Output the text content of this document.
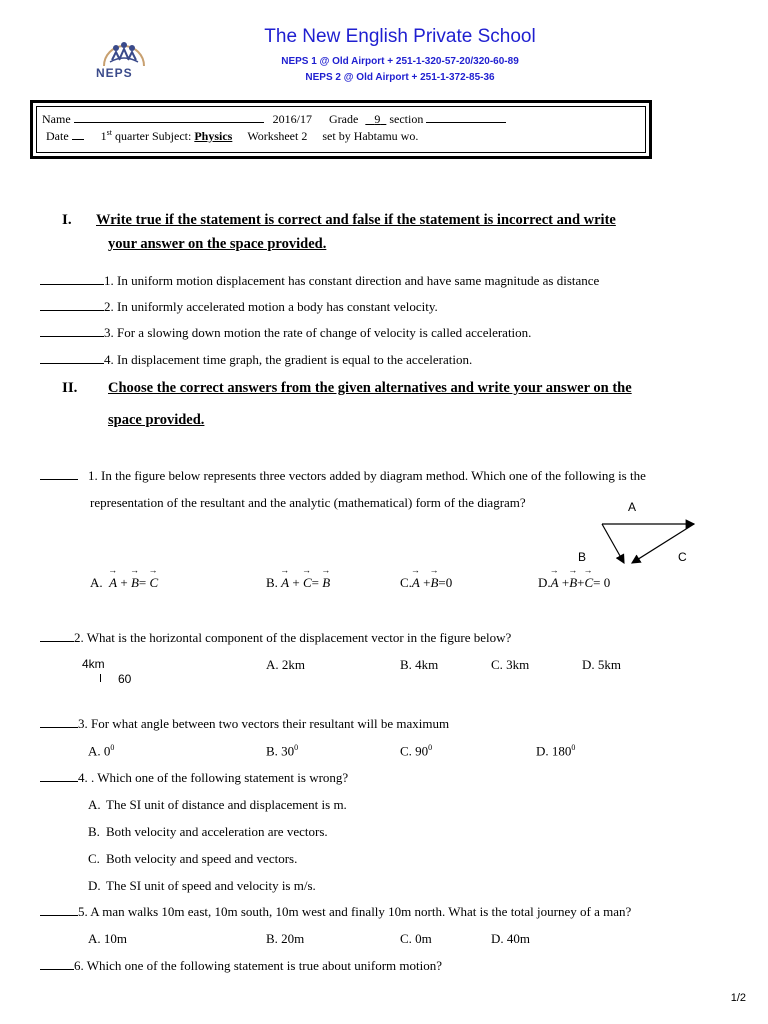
The New English Private School
NEPS 1 @ Old Airport + 251-1-320-57-20/320-60-89
NEPS 2 @ Old Airport + 251-1-372-85-36
NEPS
Name	2016/17 Grade 9 section
Date	1st quarter Subject: Physics Worksheet 2 set by Habtamu wo.
I. Write true if the statement is correct and false if the statement is incorrect and write
your answer on the space provided.
1. In uniform motion displacement has constant direction and have same magnitude as distance
2. In uniformly accelerated motion a body has constant velocity.
3. For a slowing down motion the rate of change of velocity is called acceleration.
4. In displacement time graph, the gradient is equal to the acceleration.
II. Choose the correct answers from the given alternatives and write your answer on the
space provided.
1. In the figure below represents three vectors added by diagram method. Which one of the following is the
representation of the resultant and the analytic (mathematical) form of the diagram?	A
B	C
A. → A + → B= → C	B. → A + → C= → B	C.→ A +→ B=0	D.→ A +→ B+→ C= 0
2. What is the horizontal component of the displacement vector in the figure below?
4km
60
A. 2km	B. 4km	C. 3km	D. 5km
3. For what angle between two vectors their resultant will be maximum
A. $0^0$	B. $30^0$	C. $90^0$	D. $180^0$
4. . Which one of the following statement is wrong?
A. The SI unit of distance and displacement is m.
B. Both velocity and acceleration are vectors.
C. Both velocity and speed and vectors.
D. The SI unit of speed and velocity is m/s.
5. A man walks 10m east, 10m south, 10m west and finally 10m north. What is the total journey of a man?
A. 10m	B. 20m	C. 0m	D. 40m
6. Which one of the following statement is true about uniform motion?
1/2
